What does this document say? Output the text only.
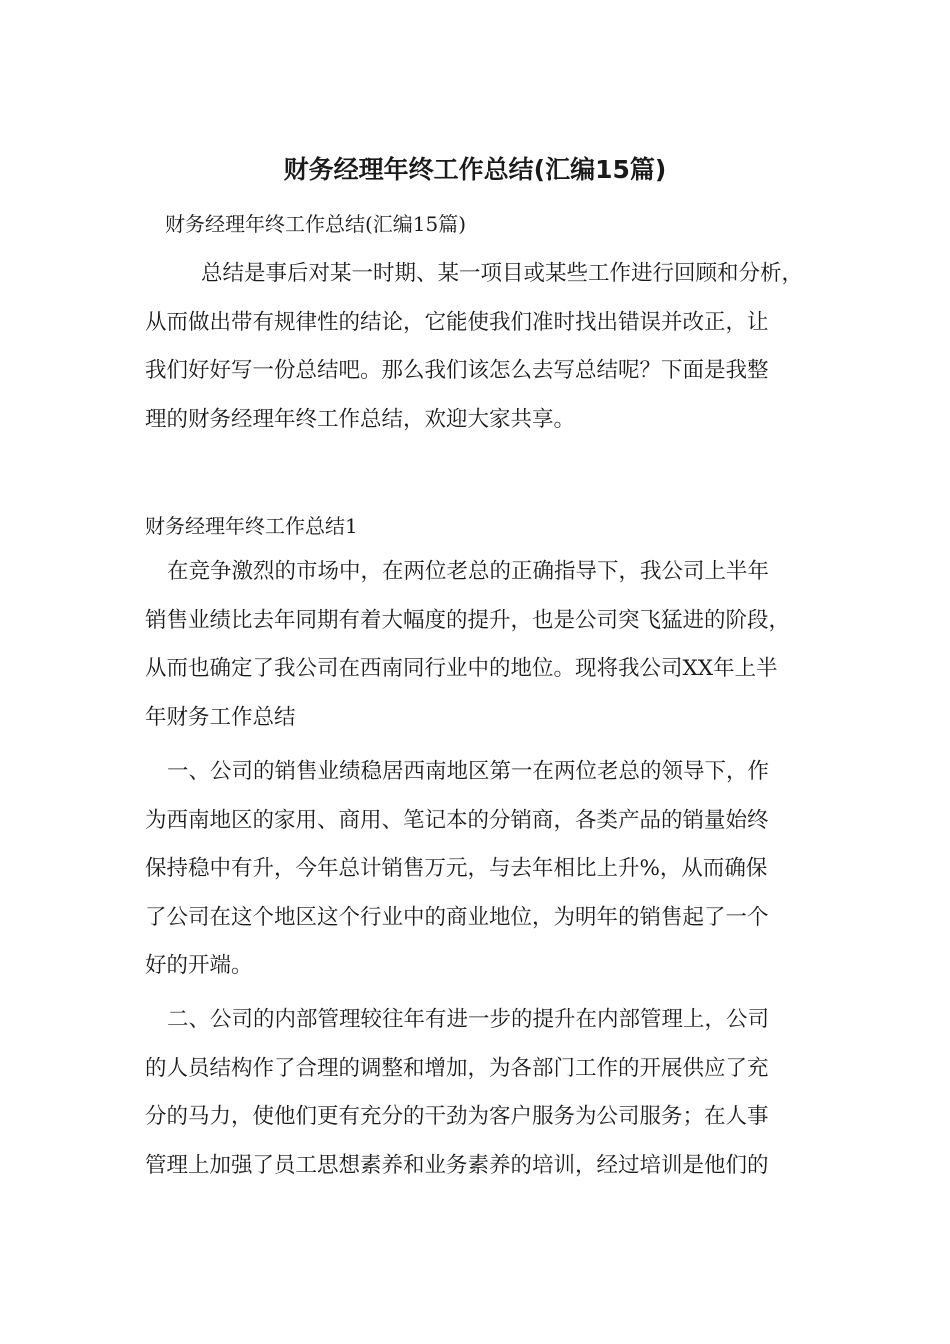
财务经理年终工作总结(汇编15篇)

财务经理年终工作总结(汇编15篇)

总结是事后对某一时期、某一项目或某些工作进行回顾和分析，
从而做出带有规律性的结论，它能使我们准时找出错误并改正，让
我们好好写一份总结吧。那么我们该怎么去写总结呢？下面是我整
理的财务经理年终工作总结，欢迎大家共享。

财务经理年终工作总结1

在竞争激烈的市场中，在两位老总的正确指导下，我公司上半年
销售业绩比去年同期有着大幅度的提升，也是公司突飞猛进的阶段，
从而也确定了我公司在西南同行业中的地位。现将我公司XX年上半
年财务工作总结

一、公司的销售业绩稳居西南地区第一在两位老总的领导下，作
为西南地区的家用、商用、笔记本的分销商，各类产品的销量始终
保持稳中有升，今年总计销售万元，与去年相比上升%，从而确保
了公司在这个地区这个行业中的商业地位，为明年的销售起了一个
好的开端。

二、公司的内部管理较往年有进一步的提升在内部管理上，公司
的人员结构作了合理的调整和增加，为各部门工作的开展供应了充
分的马力，使他们更有充分的干劲为客户服务为公司服务；在人事
管理上加强了员工思想素养和业务素养的培训，经过培训是他们的
